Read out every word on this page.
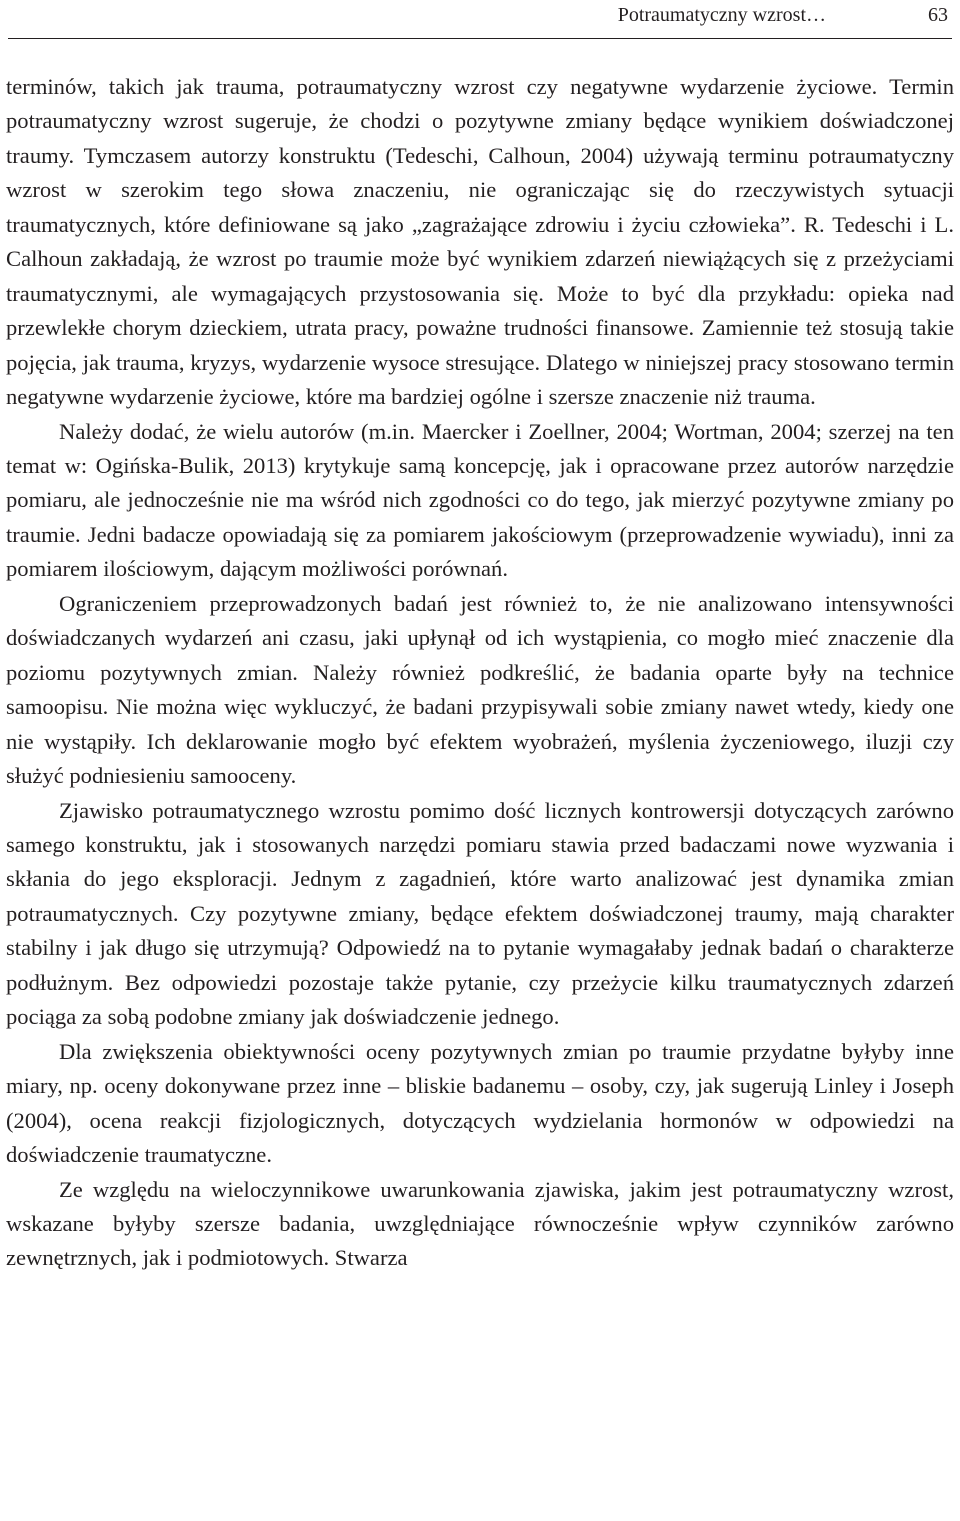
Potraumatyczny wzrost…	63

terminów, takich jak trauma, potraumatyczny wzrost czy negatywne wydarzenie życiowe. Termin potraumatyczny wzrost sugeruje, że chodzi o pozytywne zmiany będące wynikiem doświadczonej traumy. Tymczasem autorzy konstruktu (Tedeschi, Calhoun, 2004) używają terminu potraumatyczny wzrost w szerokim tego słowa znaczeniu, nie ograniczając się do rzeczywistych sytuacji traumatycznych, które definiowane są jako „zagrażające zdrowiu i życiu człowieka”. R. Tedeschi i L. Calhoun zakładają, że wzrost po traumie może być wynikiem zdarzeń niewiążących się z przeżyciami traumatycznymi, ale wymagających przystosowania się. Może to być dla przykładu: opieka nad przewlekłe chorym dzieckiem, utrata pracy, poważne trudności finansowe. Zamiennie też stosują takie pojęcia, jak trauma, kryzys, wydarzenie wysoce stresujące. Dlatego w niniejszej pracy stosowano termin negatywne wydarzenie życiowe, które ma bardziej ogólne i szersze znaczenie niż trauma.

Należy dodać, że wielu autorów (m.in. Maercker i Zoellner, 2004; Wortman, 2004; szerzej na ten temat w: Ogińska-Bulik, 2013) krytykuje samą koncepcję, jak i opracowane przez autorów narzędzie pomiaru, ale jednocześnie nie ma wśród nich zgodności co do tego, jak mierzyć pozytywne zmiany po traumie. Jedni badacze opowiadają się za pomiarem jakościowym (przeprowadzenie wywiadu), inni za pomiarem ilościowym, dającym możliwości porównań.

Ograniczeniem przeprowadzonych badań jest również to, że nie analizowano intensywności doświadczanych wydarzeń ani czasu, jaki upłynął od ich wystąpienia, co mogło mieć znaczenie dla poziomu pozytywnych zmian. Należy również podkreślić, że badania oparte były na technice samoopisu. Nie można więc wykluczyć, że badani przypisywali sobie zmiany nawet wtedy, kiedy one nie wystąpiły. Ich deklarowanie mogło być efektem wyobrażeń, myślenia życzeniowego, iluzji czy służyć podniesieniu samooceny.

Zjawisko potraumatycznego wzrostu pomimo dość licznych kontrowersji dotyczących zarówno samego konstruktu, jak i stosowanych narzędzi pomiaru stawia przed badaczami nowe wyzwania i skłania do jego eksploracji. Jednym z zagadnień, które warto analizować jest dynamika zmian potraumatycznych. Czy pozytywne zmiany, będące efektem doświadczonej traumy, mają charakter stabilny i jak długo się utrzymują? Odpowiedź na to pytanie wymagałaby jednak badań o charakterze podłużnym. Bez odpowiedzi pozostaje także pytanie, czy przeżycie kilku traumatycznych zdarzeń pociąga za sobą podobne zmiany jak doświadczenie jednego.

Dla zwiększenia obiektywności oceny pozytywnych zmian po traumie przydatne byłyby inne miary, np. oceny dokonywane przez inne – bliskie badanemu – osoby, czy, jak sugerują Linley i Joseph (2004), ocena reakcji fizjologicznych, dotyczących wydzielania hormonów w odpowiedzi na doświadczenie traumatyczne.

Ze względu na wieloczynnikowe uwarunkowania zjawiska, jakim jest potraumatyczny wzrost, wskazane byłyby szersze badania, uwzględniające równocześnie wpływ czynników zarówno zewnętrznych, jak i podmiotowych. Stwarza
